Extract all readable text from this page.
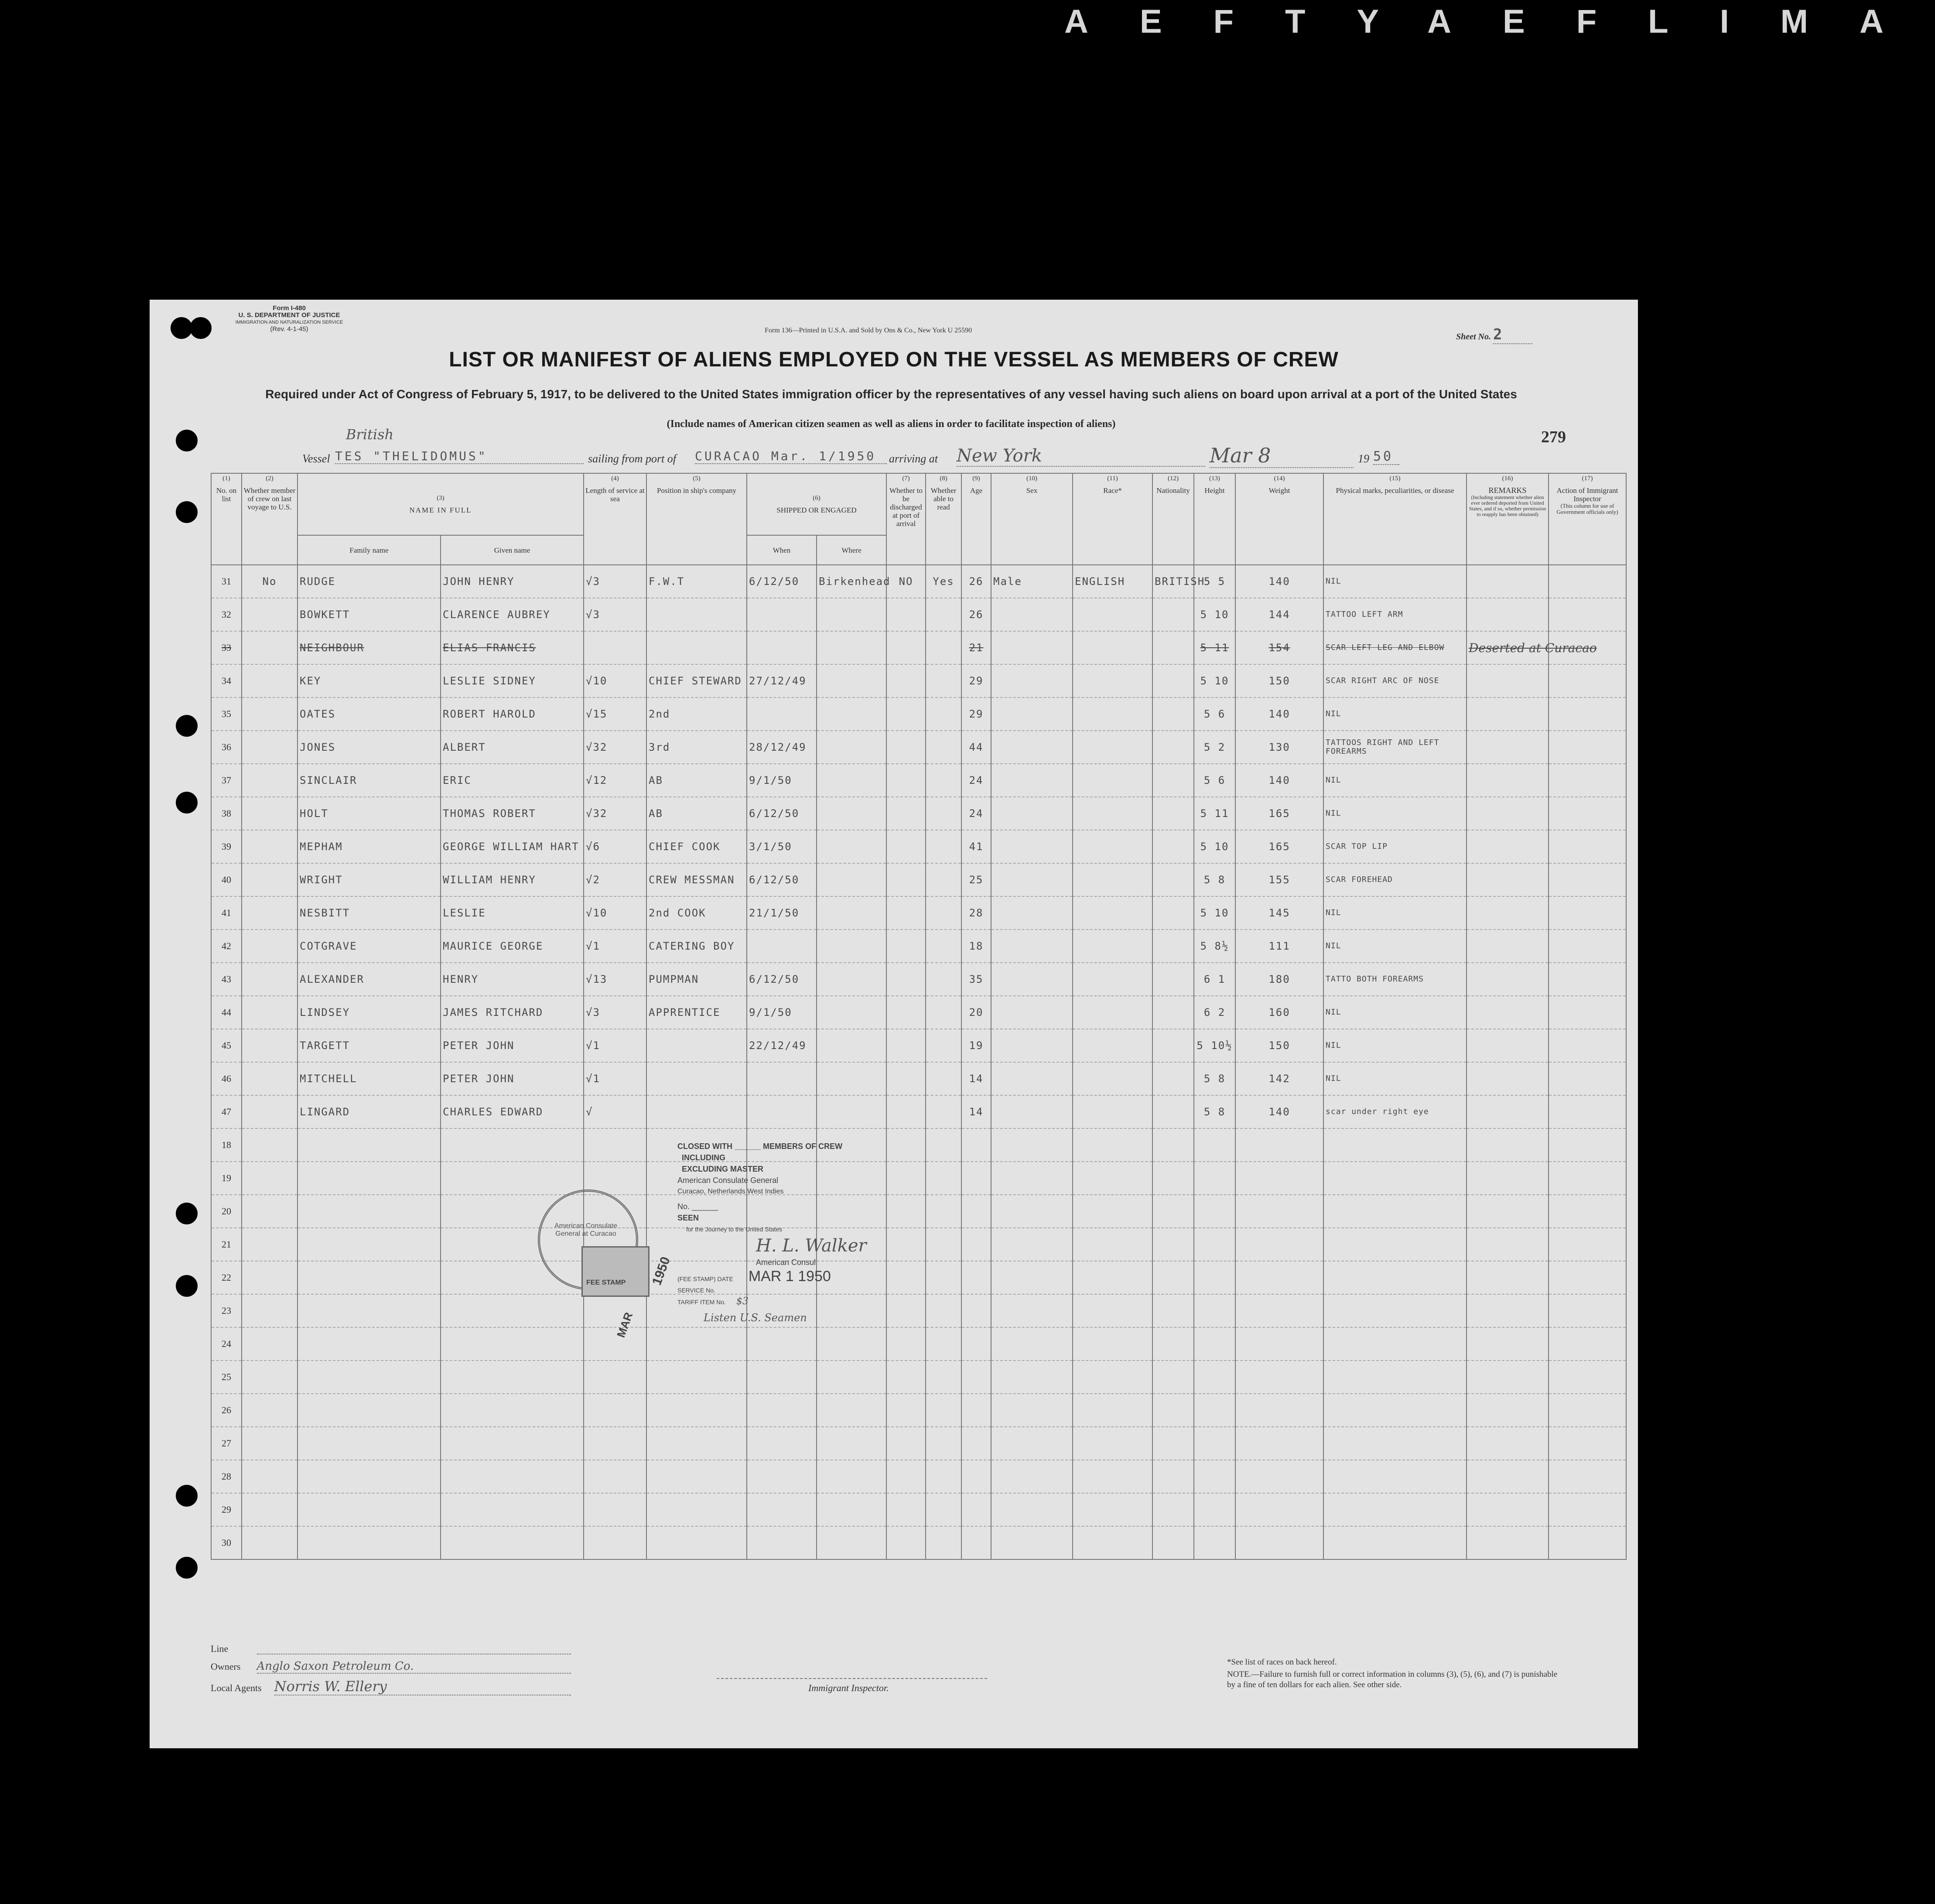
AEFTYAEFLIMA
Form I-480
U. S. DEPARTMENT OF JUSTICE
IMMIGRATION AND NATURALIZATION SERVICE
(Rev. 4-1-45)	Form 136—Printed in U.S.A. and Sold by Ons & Co., New York U 25590
Sheet No. 2
LIST OR MANIFEST OF ALIENS EMPLOYED ON THE VESSEL AS MEMBERS OF CREW
Required under Act of Congress of February 5, 1917, to be delivered to the United States immigration officer by the representatives of any vessel having such aliens on board upon arrival at a port of the United States
(Include names of American citizen seamen as well as aliens in order to facilitate inspection of aliens)
279
British
Vessel TES "THELIDOMUS"	sailing from port of CURACAO Mar. 1/1950	arriving at New York	Mar 8	19 50
(1)
No. on list	(2)
Whether member of crew on last voyage to U.S.	(3)
NAME IN FULL		(4)
Length of service at sea	(5)
Position in ship's company	(6)
SHIPPED OR ENGAGED		(7)
Whether to be discharged at port of arrival	(8)
Whether able to read	(9)
Age	(10)
Sex	(11)
Race*	(12)
Nationality	(13)
Height	(14)
Weight	(15)
Physical marks, peculiarities, or disease	(16)
REMARKS
(Including statement whether alien ever ordered deported from United States, and if so, whether permission to reapply has been obtained)	(17)
Action of Immigrant Inspector
(This column for use of Government officials only)

		Family name	Given name			When	Where											
31	No	RUDGE	JOHN HENRY	√3	F.W.T	6/12/50	Birkenhead	NO	Yes	26	Male	ENGLISH	BRITISH	5 5	140	NIL		
32		BOWKETT	CLARENCE AUBREY	√3						26				5 10	144	TATTOO LEFT ARM		
33		NEIGHBOUR	ELIAS FRANCIS							21				5 11	154	SCAR LEFT LEG AND ELBOW	Deserted at Curacao	
34		KEY	LESLIE SIDNEY	√10	CHIEF STEWARD	27/12/49				29				5 10	150	SCAR RIGHT ARC OF NOSE		
35		OATES	ROBERT HAROLD	√15	2nd					29				5 6	140	NIL		
36		JONES	ALBERT	√32	3rd	28/12/49				44				5 2	130	TATTOOS RIGHT AND LEFT FOREARMS		
37		SINCLAIR	ERIC	√12	AB	9/1/50				24				5 6	140	NIL		
38		HOLT	THOMAS ROBERT	√32	AB	6/12/50				24				5 11	165	NIL		
39		MEPHAM	GEORGE WILLIAM HART	√6	CHIEF COOK	3/1/50				41				5 10	165	SCAR TOP LIP		
40		WRIGHT	WILLIAM HENRY	√2	CREW MESSMAN	6/12/50				25				5 8	155	SCAR FOREHEAD		
41		NESBITT	LESLIE	√10	2nd COOK	21/1/50				28				5 10	145	NIL		
42		COTGRAVE	MAURICE GEORGE	√1	CATERING BOY					18				5 8½	111	NIL		
43		ALEXANDER	HENRY	√13	PUMPMAN	6/12/50				35				6 1	180	TATTO BOTH FOREARMS		
44		LINDSEY	JAMES RITCHARD	√3	APPRENTICE	9/1/50				20				6 2	160	NIL		
45		TARGETT	PETER JOHN	√1		22/12/49				19				5 10½	150	NIL		
46		MITCHELL	PETER JOHN	√1						14				5 8	142	NIL		
47		LINGARD	CHARLES EDWARD	√						14				5 8	140	scar under right eye		
18																		
19																		
20																		
21																		
22																		
23																		
24																		
25																		
26																		
27																		
28																		
29																		
30																		
American Consulate General at Curacao
FEE STAMP 1950
MAR
CLOSED WITH ______ MEMBERS OF CREW
INCLUDING
EXCLUDING MASTER
American Consulate General
Curacao, Netherlands West Indies
No. ______
SEEN
for the Journey to the United States
H. L. Walker
American Consul
(FEE STAMP) DATE MAR 1 1950
SERVICE No.
TARIFF ITEM No. $3
Listen U.S. Seamen
Line
Owners Anglo Saxon Petroleum Co.
Local Agents Norris W. Ellery	Immigrant Inspector.
*See list of races on back hereof.
NOTE.—Failure to furnish full or correct information in columns (3), (5), (6), and (7) is punishable by a fine of ten dollars for each alien. See other side.
